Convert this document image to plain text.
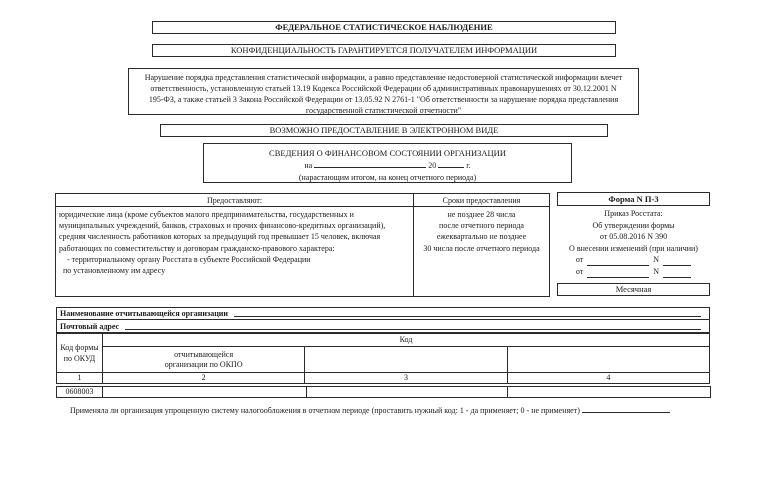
ФЕДЕРАЛЬНОЕ СТАТИСТИЧЕСКОЕ НАБЛЮДЕНИЕ
КОНФИДЕНЦИАЛЬНОСТЬ ГАРАНТИРУЕТСЯ ПОЛУЧАТЕЛЕМ ИНФОРМАЦИИ
Нарушение порядка представления статистической информации, а равно представление недостоверной статистической информации влечет ответственность, установленную статьей 13.19 Кодекса Российской Федерации об административных правонарушениях от 30.12.2001 N 195-ФЗ, а также статьей 3 Закона Российской Федерации от 13.05.92 N 2761-1 "Об ответственности за нарушение порядка представления государственной статистической отчетности"
ВОЗМОЖНО ПРЕДОСТАВЛЕНИЕ В ЭЛЕКТРОННОМ ВИДЕ
СВЕДЕНИЯ О ФИНАНСОВОМ СОСТОЯНИИ ОРГАНИЗАЦИИ
на	20	г.
(нарастающим итогом, на конец отчетного периода)
Предоставляют:	Сроки предоставления
юридические лица (кроме субъектов малого предпринимательства, государственных и муниципальных учреждений, банков, страховых и прочих финансово-кредитных организаций), средняя численность работников которых за предыдущий год превышает 15 человек, включая работающих по совместительству и договорам гражданско-правового характера:
- территориальному органу Росстата в субъекте Российской Федерации
по установленному им адресу
не позднее 28 числа
после отчетного периода
ежеквартально не позднее
30 числа после отчетного периода
Форма N П-3
Приказ Росстата:
Об утверждении формы
от 05.08.2016 N 390
О внесении изменений (при наличии)
от	N
от	N
Месячная
Наименование отчитывающейся организации
Почтовый адрес
Код формы по ОКУД	Код		

	отчитывающейся
организации по ОКПО		

1	2	3	4
0608003			
Применяла ли организация упрощенную систему налогообложения в отчетном периоде (проставить нужный код: 1 - да применяет; 0 - не применяет)
